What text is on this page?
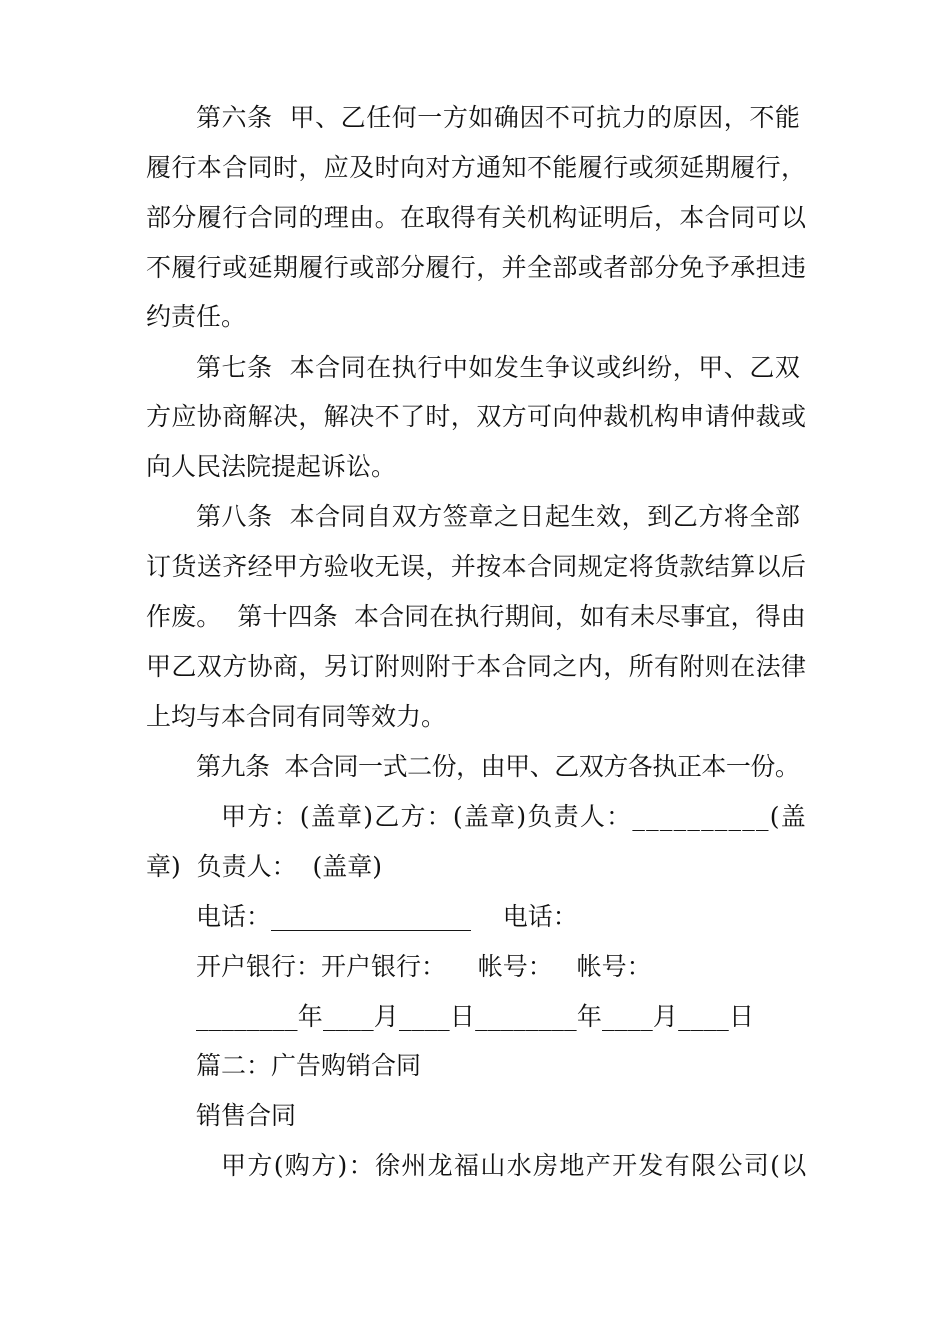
第六条  甲、乙任何一方如确因不可抗力的原因，不能
履行本合同时，应及时向对方通知不能履行或须延期履行，
部分履行合同的理由。在取得有关机构证明后，本合同可以
不履行或延期履行或部分履行，并全部或者部分免予承担违
约责任。
第七条  本合同在执行中如发生争议或纠纷，甲、乙双
方应协商解决，解决不了时，双方可向仲裁机构申请仲裁或
向人民法院提起诉讼。
第八条  本合同自双方签章之日起生效，到乙方将全部
订货送齐经甲方验收无误，并按本合同规定将货款结算以后
作废。  第十四条  本合同在执行期间，如有未尽事宜，得由
甲乙双方协商，另订附则附于本合同之内，所有附则在法律
上均与本合同有同等效力。
第九条  本合同一式二份，由甲、乙双方各执正本一份。
甲方：(盖章)乙方：(盖章)负责人：__________(盖
章)  负责人：  (盖章)
电话：________________    电话：
开户银行：开户银行：    帐号：   帐号：
________年____月____日________年____月____日
篇二：广告购销合同
销售合同
甲方(购方)：徐州龙福山水房地产开发有限公司(以
